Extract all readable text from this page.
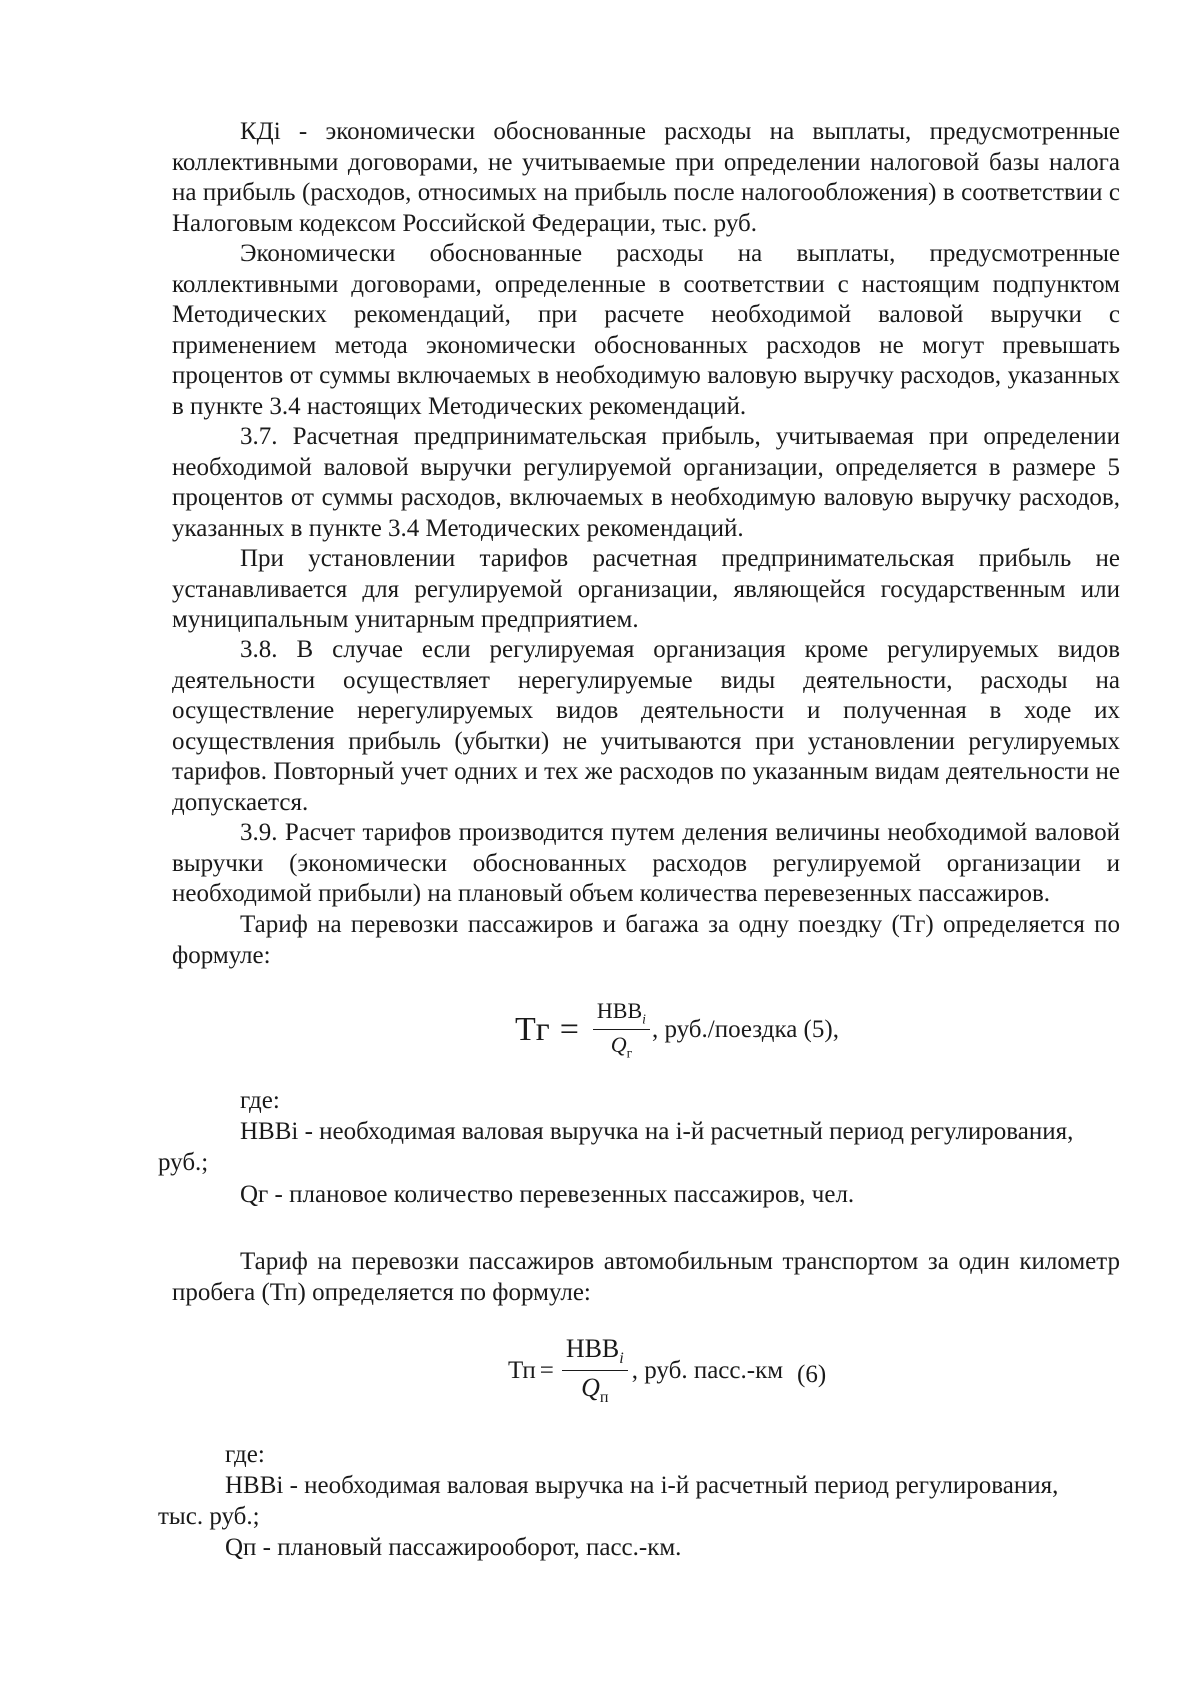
КДi - экономически обоснованные расходы на выплаты, предусмотренные коллективными договорами, не учитываемые при определении налоговой базы налога на прибыль (расходов, относимых на прибыль после налогообложения) в соответствии с Налоговым кодексом Российской Федерации, тыс. руб.

Экономически обоснованные расходы на выплаты, предусмотренные коллективными договорами, определенные в соответствии с настоящим подпунктом Методических рекомендаций, при расчете необходимой валовой выручки с применением метода экономически обоснованных расходов не могут превышать процентов от суммы включаемых в необходимую валовую выручку расходов, указанных в пункте 3.4 настоящих Методических рекомендаций.

3.7. Расчетная предпринимательская прибыль, учитываемая при определении необходимой валовой выручки регулируемой организации, определяется в размере 5 процентов от суммы расходов, включаемых в необходимую валовую выручку расходов, указанных в пункте 3.4 Методических рекомендаций.

При установлении тарифов расчетная предпринимательская прибыль не устанавливается для регулируемой организации, являющейся государственным или муниципальным унитарным предприятием.

3.8. В случае если регулируемая организация кроме регулируемых видов деятельности осуществляет нерегулируемые виды деятельности, расходы на осуществление нерегулируемых видов деятельности и полученная в ходе их осуществления прибыль (убытки) не учитываются при установлении регулируемых тарифов. Повторный учет одних и тех же расходов по указанным видам деятельности не допускается.

3.9. Расчет тарифов производится путем деления величины необходимой валовой выручки (экономически обоснованных расходов регулируемой организации и необходимой прибыли) на плановый объем количества перевезенных пассажиров.

Тариф на перевозки пассажиров и багажа за одну поездку (Тг) определяется по формуле:

Тг = $\frac{НВВ_i}{Q_г}$ , руб./поездка (5),

где:

НВВi - необходимая валовая выручка на i-й расчетный период регулирования,

руб.;

Qг - плановое количество перевезенных пассажиров, чел.

Тариф на перевозки пассажиров автомобильным транспортом за один километр пробега (Тп) определяется по формуле:

Тп = $\frac{НВВ_i}{Q_п}$ , руб. пасс.-км (6)

где:

НВВi - необходимая валовая выручка на i-й расчетный период регулирования,

тыс. руб.;

Qп - плановый пассажирооборот, пасс.-км.
